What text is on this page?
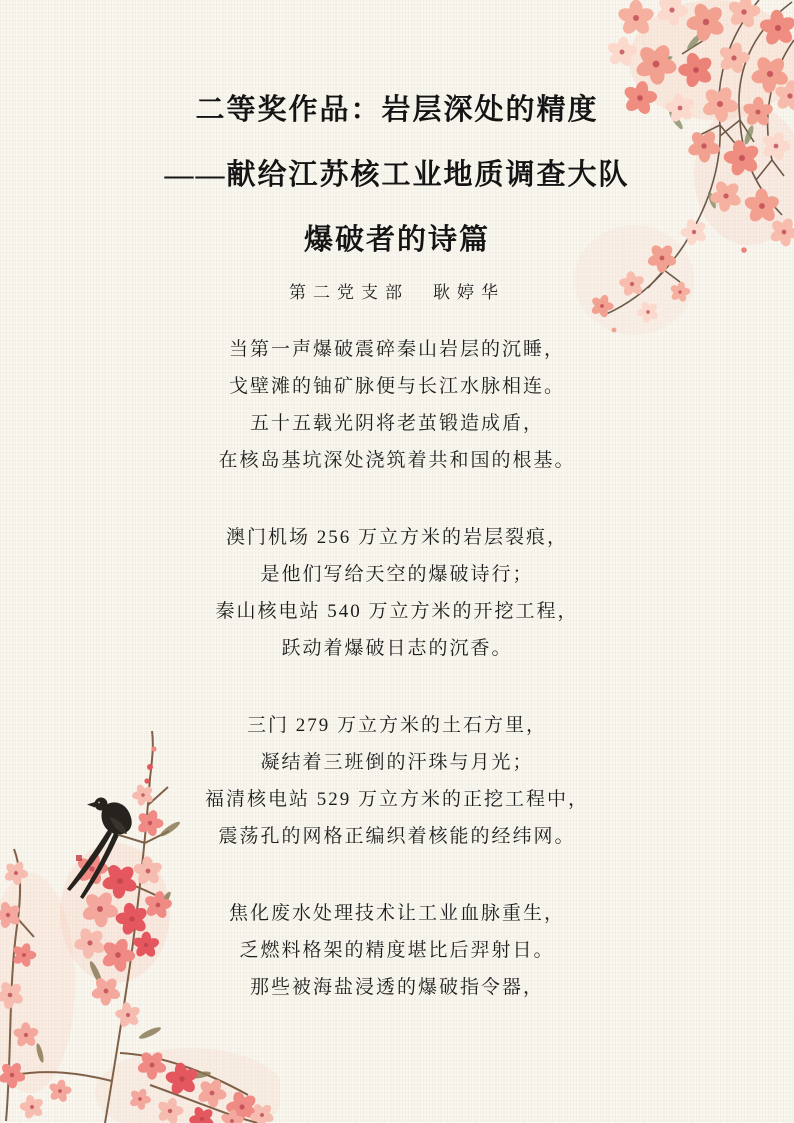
二等奖作品：岩层深处的精度
——献给江苏核工业地质调查大队
爆破者的诗篇
第二党支部　耿婷华

当第一声爆破震碎秦山岩层的沉睡，

戈壁滩的铀矿脉便与长江水脉相连。

五十五载光阴将老茧锻造成盾，

在核岛基坑深处浇筑着共和国的根基。

澳门机场 256 万立方米的岩层裂痕，

是他们写给天空的爆破诗行；

秦山核电站 540 万立方米的开挖工程，

跃动着爆破日志的沉香。

三门 279 万立方米的土石方里，

凝结着三班倒的汗珠与月光；

福清核电站 529 万立方米的正挖工程中，

震荡孔的网格正编织着核能的经纬网。

焦化废水处理技术让工业血脉重生，

乏燃料格架的精度堪比后羿射日。

那些被海盐浸透的爆破指令器，
